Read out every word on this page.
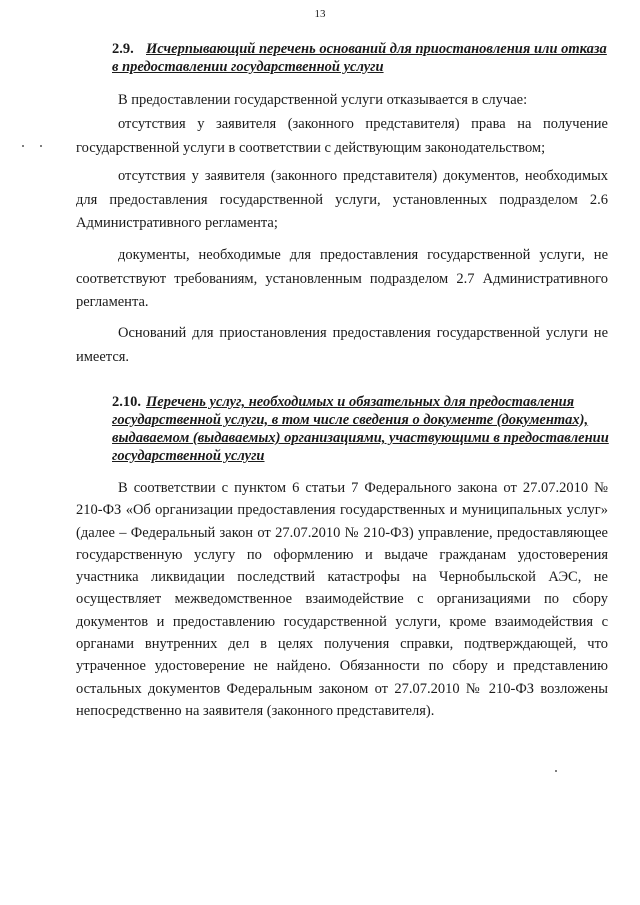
13
2.9. Исчерпывающий перечень оснований для приостановления или отказа в предоставлении государственной услуги

В предоставлении государственной услуги отказывается в случае:

отсутствия у заявителя (законного представителя) права на получение государственной услуги в соответствии с действующим законодательством;

отсутствия у заявителя (законного представителя) документов, необходимых для предоставления государственной услуги, установленных подразделом 2.6 Административного регламента;

документы, необходимые для предоставления государственной услуги, не соответствуют требованиям, установленным подразделом 2.7 Административного регламента.

Оснований для приостановления предоставления государственной услуги не имеется.

2.10. Перечень услуг, необходимых и обязательных для предоставления государственной услуги, в том числе сведения о документе (документах), выдаваемом (выдаваемых) организациями, участвующими в предоставлении государственной услуги

В соответствии с пунктом 6 статьи 7 Федерального закона от 27.07.2010 № 210-ФЗ «Об организации предоставления государственных и муниципальных услуг» (далее – Федеральный закон от 27.07.2010 № 210-ФЗ) управление, предоставляющее государственную услугу по оформлению и выдаче гражданам удостоверения участника ликвидации последствий катастрофы на Чернобыльской АЭС, не осуществляет межведомственное взаимодействие с организациями по сбору документов и предоставлению государственной услуги, кроме взаимодействия с органами внутренних дел в целях получения справки, подтверждающей, что утраченное удостоверение не найдено. Обязанности по сбору и представлению остальных документов Федеральным законом от 27.07.2010 № 210-ФЗ возложены непосредственно на заявителя (законного представителя).
